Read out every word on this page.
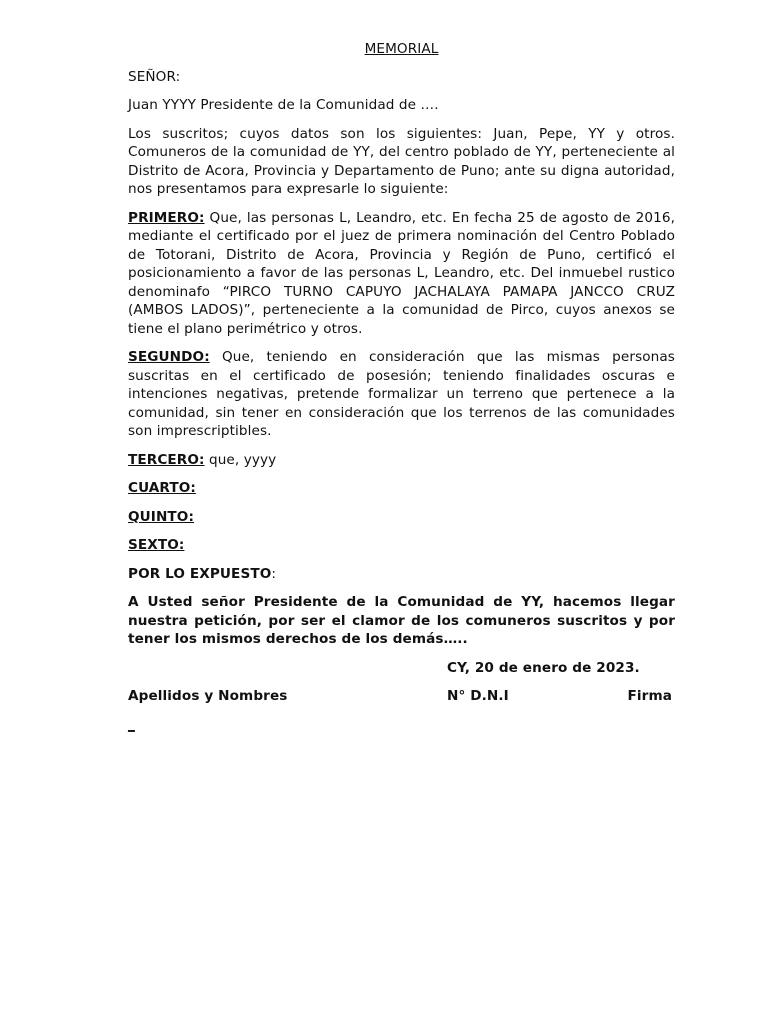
MEMORIAL
SEÑOR:
Juan YYYY Presidente de la Comunidad de ….
Los suscritos; cuyos datos son los siguientes: Juan, Pepe, YY y otros. Comuneros de la comunidad de YY, del centro poblado de YY, perteneciente al Distrito de Acora, Provincia y Departamento de Puno; ante su digna autoridad, nos presentamos para expresarle lo siguiente:
PRIMERO: Que, las personas L, Leandro, etc. En fecha 25 de agosto de 2016, mediante el certificado por el juez de primera nominación del Centro Poblado de Totorani, Distrito de Acora, Provincia y Región de Puno, certificó el posicionamiento a favor de las personas L, Leandro, etc. Del inmuebel rustico denominafo “PIRCO TURNO CAPUYO JACHALAYA PAMAPA JANCCO CRUZ (AMBOS LADOS)”, perteneciente a la comunidad de Pirco, cuyos anexos se tiene el plano perimétrico y otros.
SEGUNDO: Que, teniendo en consideración que las mismas personas suscritas en el certificado de posesión; teniendo finalidades oscuras e intenciones negativas, pretende formalizar un terreno que pertenece a la comunidad, sin tener en consideración que los terrenos de las comunidades son imprescriptibles.
TERCERO: que, yyyy
CUARTO:
QUINTO:
SEXTO:
POR LO EXPUESTO:
A Usted señor Presidente de la Comunidad de YY, hacemos llegar nuestra petición, por ser el clamor de los comuneros suscritos y por tener los mismos derechos de los demás…..
CY, 20 de enero de 2023.
Apellidos y Nombres	N° D.N.I	Firma
_
